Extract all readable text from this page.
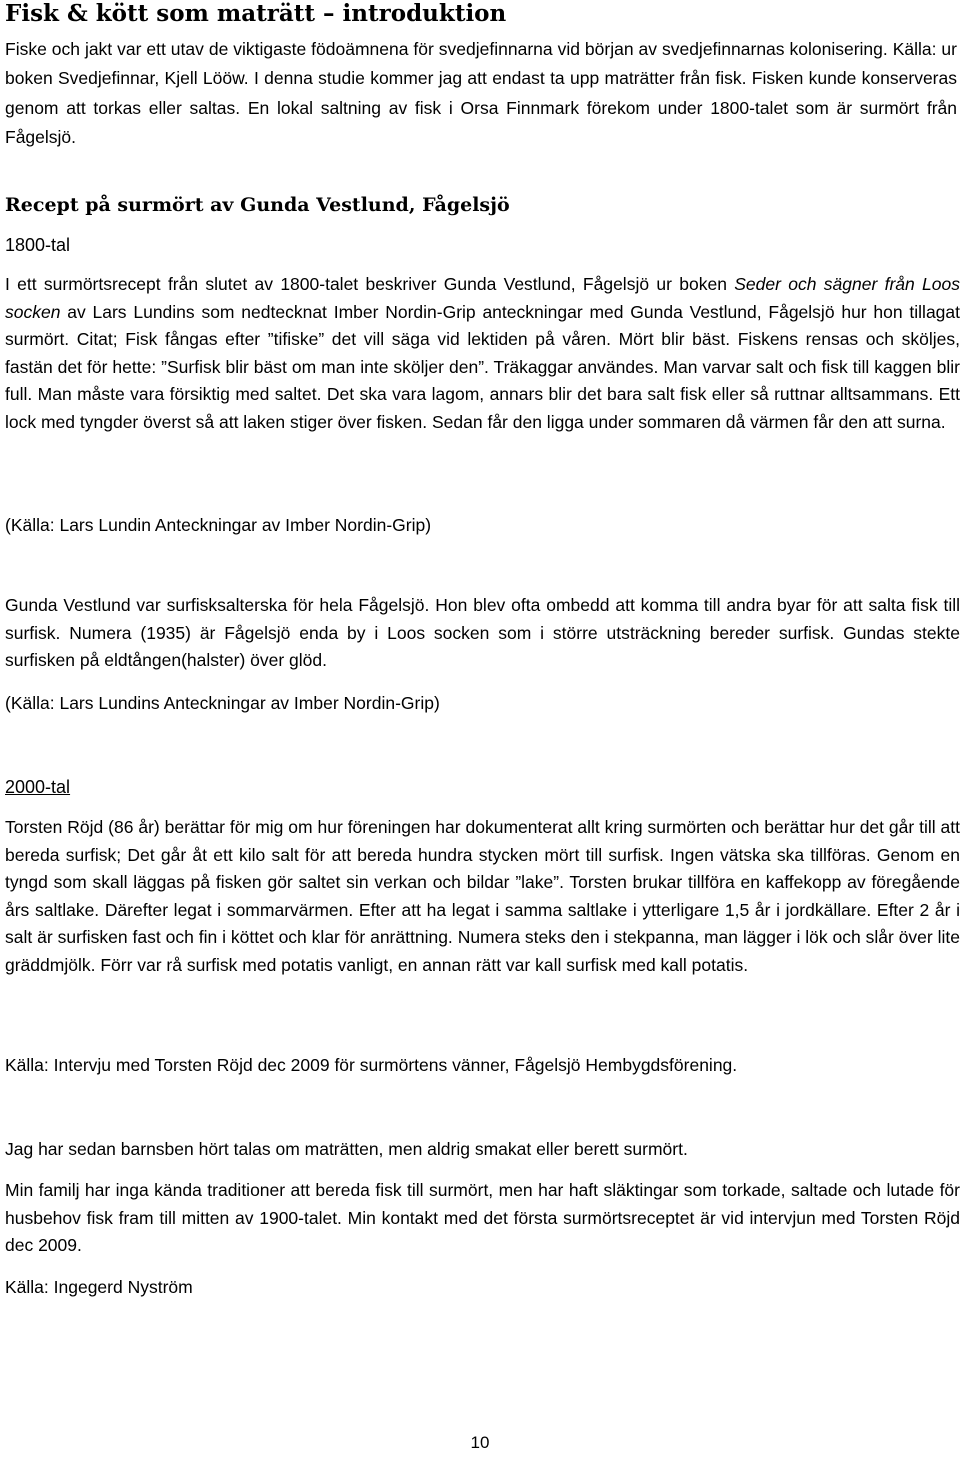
Fisk & kött som maträtt – introduktion

Fiske och jakt var ett utav de viktigaste födoämnena för svedjefinnarna vid början av svedjefinnarnas kolonisering. Källa: ur boken Svedjefinnar, Kjell Lööw. I denna studie kommer jag att endast ta upp maträtter från fisk. Fisken kunde konserveras genom att torkas eller saltas. En lokal saltning av fisk i Orsa Finnmark förekom under 1800-talet som är surmört från Fågelsjö.

Recept på surmört av Gunda Vestlund, Fågelsjö
1800-tal

I ett surmörtsrecept från slutet av 1800-talet beskriver Gunda Vestlund, Fågelsjö ur boken Seder och sägner från Loos socken av Lars Lundins som nedtecknat Imber Nordin-Grip anteckningar med Gunda Vestlund, Fågelsjö hur hon tillagat surmört. Citat; Fisk fångas efter ”tifiske” det vill säga vid lektiden på våren. Mört blir bäst. Fiskens rensas och sköljes, fastän det för hette: ”Surfisk blir bäst om man inte sköljer den”. Träkaggar användes. Man varvar salt och fisk till kaggen blir full. Man måste vara försiktig med saltet. Det ska vara lagom, annars blir det bara salt fisk eller så ruttnar alltsammans. Ett lock med tyngder överst så att laken stiger över fisken. Sedan får den ligga under sommaren då värmen får den att surna.

(Källa: Lars Lundin Anteckningar av Imber Nordin-Grip)

Gunda Vestlund var surfisksalterska för hela Fågelsjö. Hon blev ofta ombedd att komma till andra byar för att salta fisk till surfisk. Numera (1935) är Fågelsjö enda by i Loos socken som i större utsträckning bereder surfisk. Gundas stekte surfisken på eldtången(halster) över glöd.

(Källa: Lars Lundins Anteckningar av Imber Nordin-Grip)

2000-tal

Torsten Röjd (86 år) berättar för mig om hur föreningen har dokumenterat allt kring surmörten och berättar hur det går till att bereda surfisk; Det går åt ett kilo salt för att bereda hundra stycken mört till surfisk. Ingen vätska ska tillföras. Genom en tyngd som skall läggas på fisken gör saltet sin verkan och bildar ”lake”. Torsten brukar tillföra en kaffekopp av föregående års saltlake. Därefter legat i sommarvärmen. Efter att ha legat i samma saltlake i ytterligare 1,5 år i jordkällare. Efter 2 år i salt är surfisken fast och fin i köttet och klar för anrättning. Numera steks den i stekpanna, man lägger i lök och slår över lite gräddmjölk. Förr var rå surfisk med potatis vanligt, en annan rätt var kall surfisk med kall potatis.

Källa: Intervju med Torsten Röjd dec 2009 för surmörtens vänner, Fågelsjö Hembygdsförening.

Jag har sedan barnsben hört talas om maträtten, men aldrig smakat eller berett surmört.

Min familj har inga kända traditioner att bereda fisk till surmört, men har haft släktingar som torkade, saltade och lutade för husbehov fisk fram till mitten av 1900-talet. Min kontakt med det första surmörtsreceptet är vid intervjun med Torsten Röjd dec 2009.

Källa: Ingegerd Nyström

10
